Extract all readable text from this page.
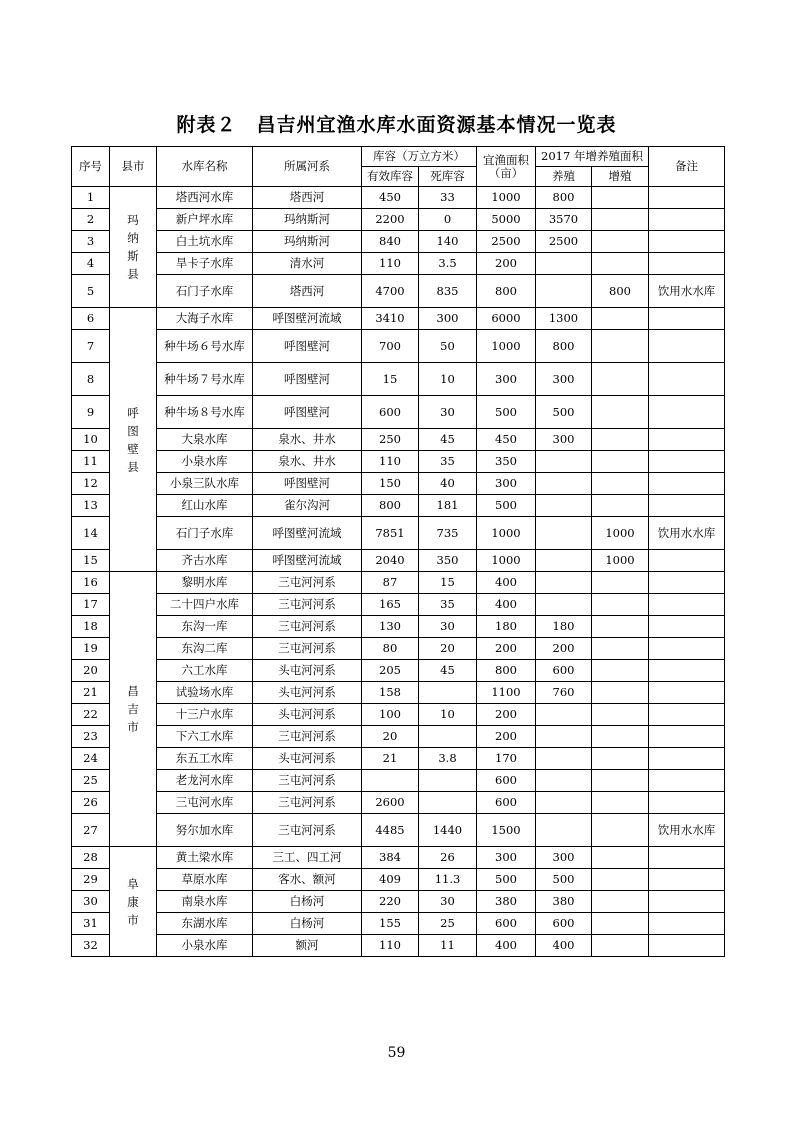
附表２　昌吉州宜渔水库水面资源基本情况一览表
序号	县市	水库名称	所属河系	库容（万立方米）		宜渔面积（亩）	2017 年增养殖面积		备注
				有效库容	死库容		养殖	增殖	
1	玛纳斯县	塔西河水库	塔西河	450	33	1000	800		
2		新户坪水库	玛纳斯河	2200	0	5000	3570		
3		白土坑水库	玛纳斯河	840	140	2500	2500		
4		旱卡子水库	清水河	110	3.5	200			
5		石门子水库	塔西河	4700	835	800		800	饮用水水库
6	呼图壁县	大海子水库	呼图壁河流域	3410	300	6000	1300		
7		种牛场６号水库	呼图壁河	700	50	1000	800		
8		种牛场７号水库	呼图壁河	15	10	300	300		
9		种牛场８号水库	呼图壁河	600	30	500	500		
10		大泉水库	泉水、井水	250	45	450	300		
11		小泉水库	泉水、井水	110	35	350			
12		小泉三队水库	呼图壁河	150	40	300			
13		红山水库	雀尔沟河	800	181	500			
14		石门子水库	呼图壁河流域	7851	735	1000		1000	饮用水水库
15		齐古水库	呼图壁河流域	2040	350	1000		1000	
16	昌吉市	黎明水库	三屯河河系	87	15	400			
17		二十四户水库	三屯河河系	165	35	400			
18		东沟一库	三屯河河系	130	30	180	180		
19		东沟二库	三屯河河系	80	20	200	200		
20		六工水库	头屯河河系	205	45	800	600		
21		试验场水库	头屯河河系	158		1100	760		
22		十三户水库	头屯河河系	100	10	200			
23		下六工水库	三屯河河系	20		200			
24		东五工水库	头屯河河系	21	3.8	170			
25		老龙河水库	三屯河河系			600			
26		三屯河水库	三屯河河系	2600		600			
27		努尔加水库	三屯河河系	4485	1440	1500			饮用水水库
28	阜康市	黄土梁水库	三工、四工河	384	26	300	300		
29		草原水库	客水、额河	409	11.3	500	500		
30		南泉水库	白杨河	220	30	380	380		
31		东湖水库	白杨河	155	25	600	600		
32		小泉水库	额河	110	11	400	400		
59
